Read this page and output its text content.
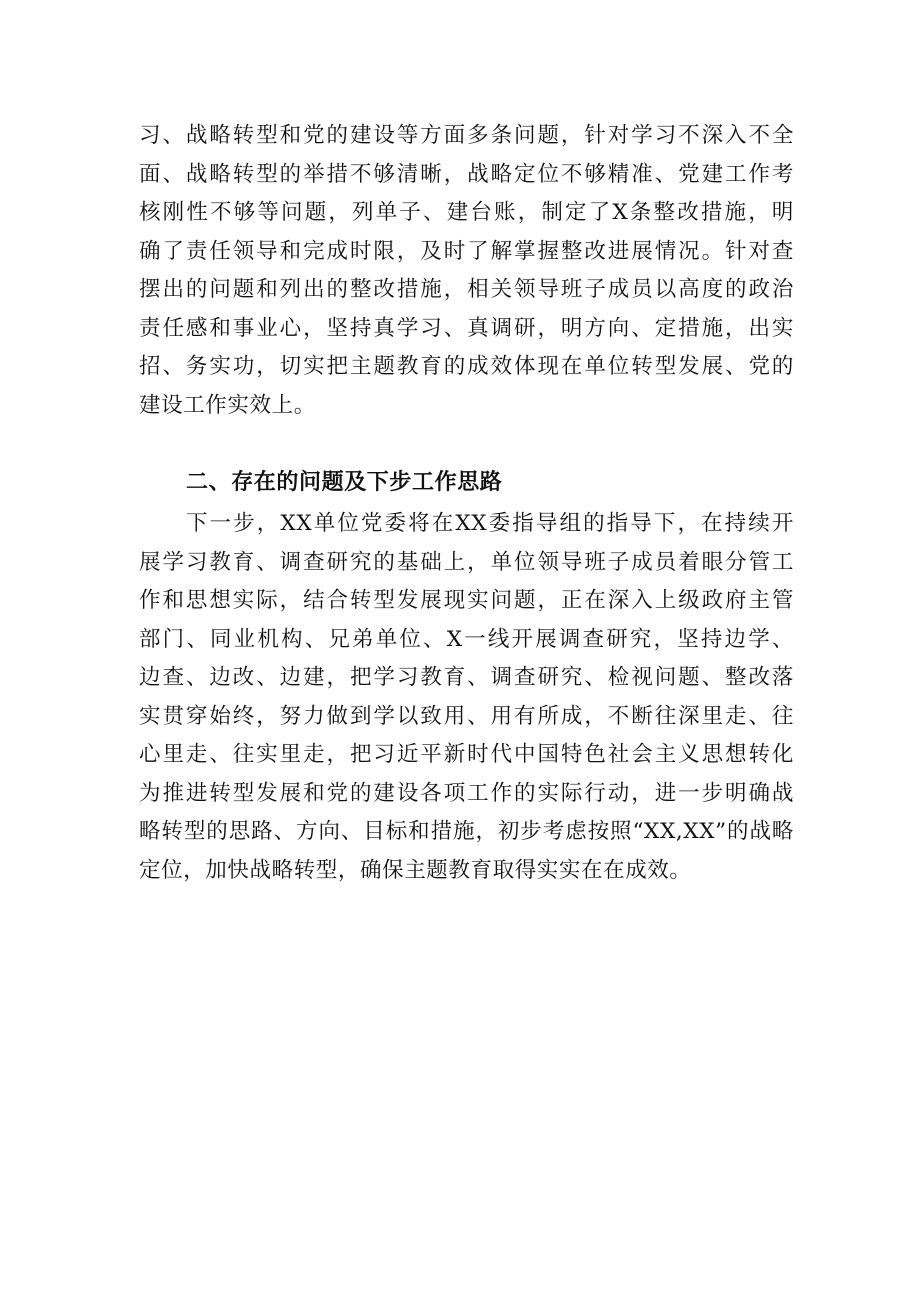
习、战略转型和党的建设等方面多条问题，针对学习不深入不全
面、战略转型的举措不够清晰，战略定位不够精准、党建工作考
核刚性不够等问题，列单子、建台账，制定了X条整改措施，明
确了责任领导和完成时限，及时了解掌握整改进展情况。针对查
摆出的问题和列出的整改措施，相关领导班子成员以高度的政治
责任感和事业心，坚持真学习、真调研，明方向、定措施，出实
招、务实功，切实把主题教育的成效体现在单位转型发展、党的
建设工作实效上。
二、存在的问题及下步工作思路
下一步，XX单位党委将在XX委指导组的指导下，在持续开
展学习教育、调查研究的基础上，单位领导班子成员着眼分管工
作和思想实际，结合转型发展现实问题，正在深入上级政府主管
部门、同业机构、兄弟单位、X一线开展调查研究，坚持边学、
边查、边改、边建，把学习教育、调查研究、检视问题、整改落
实贯穿始终，努力做到学以致用、用有所成，不断往深里走、往
心里走、往实里走，把习近平新时代中国特色社会主义思想转化
为推进转型发展和党的建设各项工作的实际行动，进一步明确战
略转型的思路、方向、目标和措施，初步考虑按照“XX,XX”的战略
定位，加快战略转型，确保主题教育取得实实在在成效。
